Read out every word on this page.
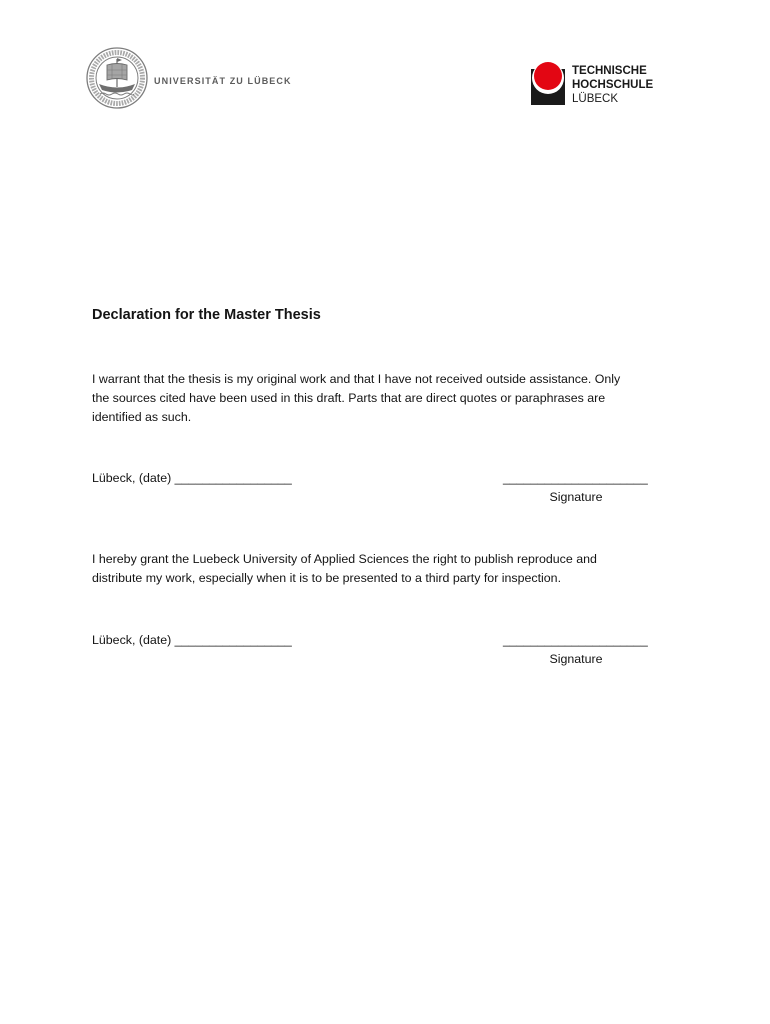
UNIVERSITÄT ZU LÜBECK
TECHNISCHE
HOCHSCHULE
LÜBECK
Declaration for the Master Thesis

I warrant that the thesis is my original work and that I have not received outside assistance. Only
the sources cited have been used in this draft. Parts that are direct quotes or paraphrases are
identified as such.

Lübeck, (date) _________________	_____________________
Signature

I hereby grant the Luebeck University of Applied Sciences the right to publish reproduce and
distribute my work, especially when it is to be presented to a third party for inspection.

Lübeck, (date) _________________	_____________________
Signature
